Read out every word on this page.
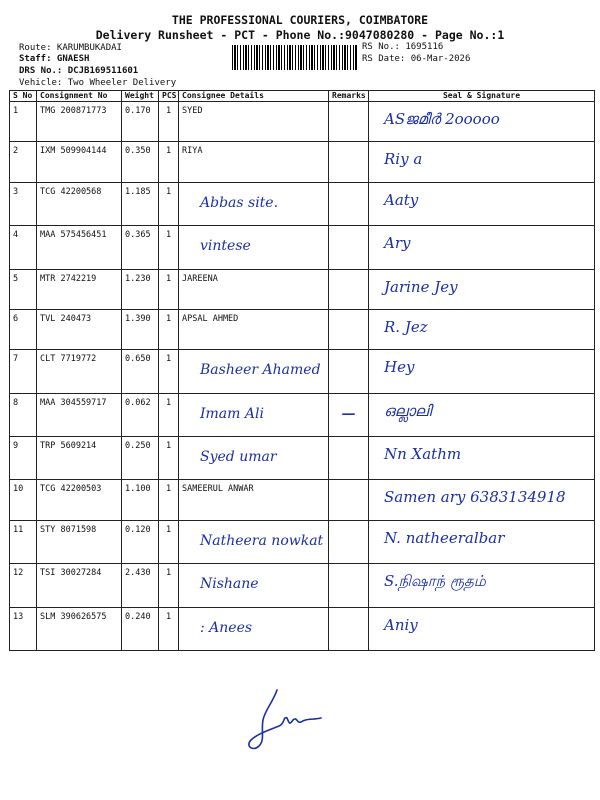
THE PROFESSIONAL COURIERS, COIMBATORE
Delivery Runsheet - PCT - Phone No.:9047080280 - Page No.:1
Route: KARUMBUKADAI
Staff: GNAESH
DRS No.: DCJB169511601
Vehicle: Two Wheeler Delivery
RS No.: 1695116
RS Date: 06-Mar-2026
S No	Consignment No	Weight	PCS	Consignee Details	Remarks	Seal & Signature
1	TMG 200871773	0.170	1	SYED		ASജമീർ 2ooooo

2	IXM 509904144	0.350	1	RIYA		Riy a

3	TCG 42200568	1.185	1	Abbas site.		Aaty

4	MAA 575456451	0.365	1	vintese		Ary

5	MTR 2742219	1.230	1	JAREENA		Jarine Jey

6	TVL 240473	1.390	1	APSAL AHMED		R. Jez

7	CLT 7719772	0.650	1	Basheer Ahamed		Hey

8	MAA 304559717	0.062	1	Imam Ali	—	ഒല്ലാലി

9	TRP 5609214	0.250	1	Syed umar		Nn Xathm

10	TCG 42200503	1.100	1	SAMEERUL ANWAR		Samen ary 6383134918

11	STY 8071598	0.120	1	Natheera nowkat		N. natheeralbar

12	TSI 30027284	2.430	1	Nishane		S.நிஷாந் ரூதம்

13	SLM 390626575	0.240	1	: Anees		Aniy
